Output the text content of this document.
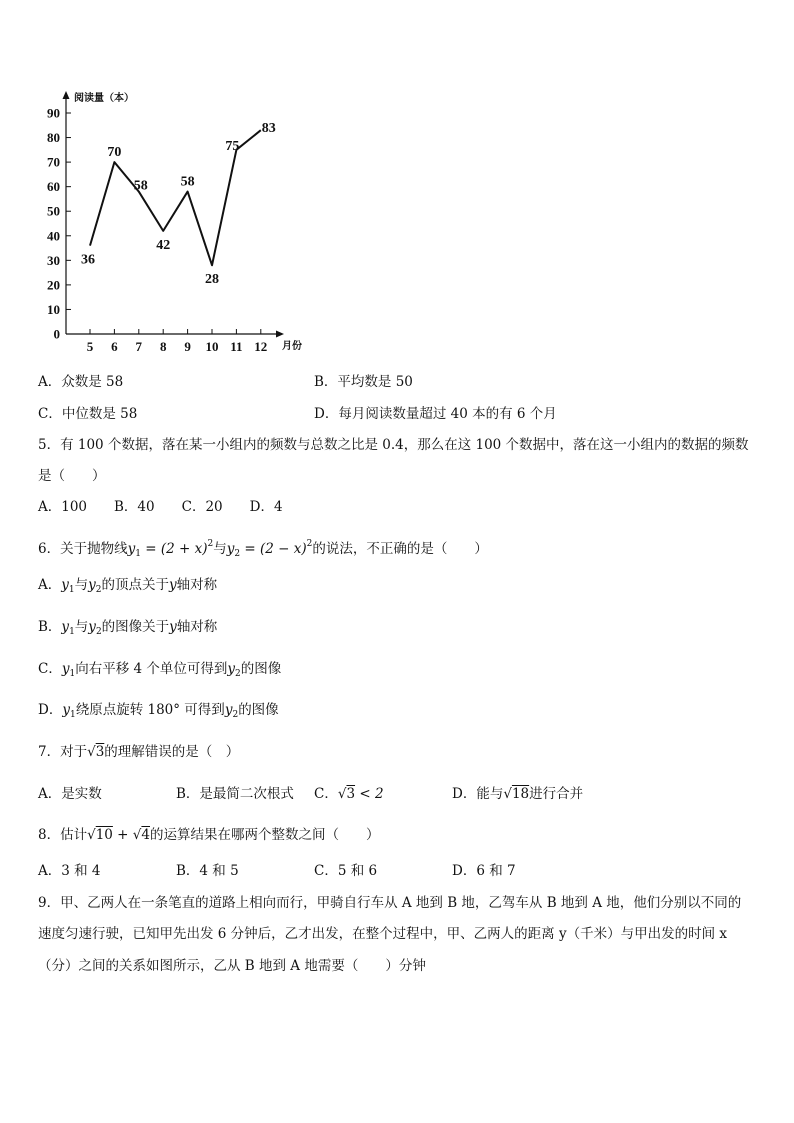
0
10
20
30
40
50
60
70
80
90
5 6 7 8 9 10 11 12
36
70
58
42
58
28
75
83
阅读量（本）
月份
A．众数是 58	B．平均数是 50
C．中位数是 58	D．每月阅读数量超过 40 本的有 6 个月
5．有 100 个数据，落在某一小组内的频数与总数之比是 0.4，那么在这 100 个数据中，落在这一小组内的数据的频数
是（　　）
A．100　　B．40　　C．20　　D．4
6．关于抛物线$y_1 = (2 + x)^2$与$y_2 = (2 - x)^2$的说法，不正确的是（　　）
A．$y_1$与$y_2$的顶点关于y轴对称
B．$y_1$与$y_2$的图像关于y轴对称
C．$y_1$向右平移 4 个单位可得到$y_2$的图像
D．$y_1$绕原点旋转 180° 可得到$y_2$的图像
7．对于√3的理解错误的是（　）
A．是实数	B．是最简二次根式 C．√3 < 2	D．能与√18进行合并
8．估计√10 + √4的运算结果在哪两个整数之间（　　）
A．3 和 4	B．4 和 5	C．5 和 6	D．6 和 7
9．甲、乙两人在一条笔直的道路上相向而行，甲骑自行车从 A 地到 B 地，乙驾车从 B 地到 A 地，他们分别以不同的
速度匀速行驶，已知甲先出发 6 分钟后，乙才出发，在整个过程中，甲、乙两人的距离 y（千米）与甲出发的时间 x
（分）之间的关系如图所示，乙从 B 地到 A 地需要（　　）分钟
